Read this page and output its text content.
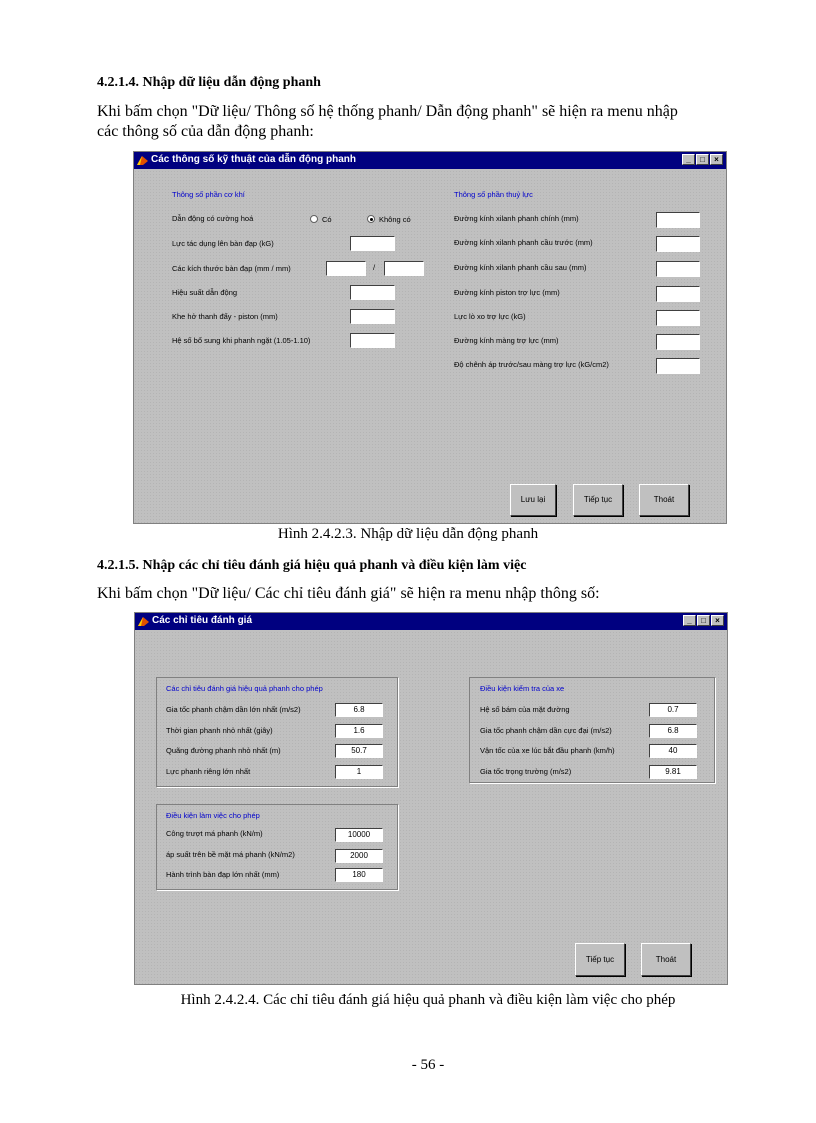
4.2.1.4. Nhập dữ liệu dẫn động phanh
Khi bấm chọn "Dữ liệu/ Thông số hệ thống phanh/ Dẫn động phanh" sẽ hiện ra menu nhập
các thông số của dẫn động phanh:
Các thông số kỹ thuật của dẫn động phanh	_	□	×
Thông số phần cơ khí
Dẫn động có cường hoá	Có	Không có
Lực tác dụng lên bàn đạp (kG)
Các kích thước bàn đạp (mm / mm)	/
Hiệu suất dẫn động
Khe hở thanh đẩy - piston (mm)
Hệ số bổ sung khi phanh ngặt (1.05-1.10)
Thông số phần thuỷ lực
Đường kính xilanh phanh chính (mm)
Đường kính xilanh phanh cầu trước (mm)
Đường kính xilanh phanh cầu sau (mm)
Đường kính piston trợ lực (mm)
Lực lò xo trợ lực (kG)
Đường kính màng trợ lực (mm)
Độ chênh áp trước/sau màng trợ lực (kG/cm2)
Lưu lại	Tiếp tục	Thoát
Hình 2.4.2.3. Nhập dữ liệu dẫn động phanh
4.2.1.5. Nhập các chỉ tiêu đánh giá hiệu quả phanh và điều kiện làm việc
Khi bấm chọn "Dữ liệu/ Các chỉ tiêu đánh giá" sẽ hiện ra menu nhập thông số:
Các chỉ tiêu đánh giá	_	□	×
Các chỉ tiêu đánh giá hiệu quả phanh cho phép
Gia tốc phanh chậm dần lớn nhất (m/s2)	6.8
Thời gian phanh nhỏ nhất (giây)	1.6
Quãng đường phanh nhỏ nhất (m)	50.7
Lực phanh riêng lớn nhất	1
Điều kiện kiểm tra của xe
Hệ số bám của mặt đường	0.7
Gia tốc phanh chậm dần cực đại (m/s2)	6.8
Vận tốc của xe lúc bắt đầu phanh (km/h)	40
Gia tốc trọng trường (m/s2)	9.81
Điều kiện làm việc cho phép
Công trượt má phanh (kN/m)	10000
áp suất trên bề mặt má phanh (kN/m2)	2000
Hành trình bàn đạp lớn nhất (mm)	180
Tiếp tục	Thoát
Hình 2.4.2.4. Các chỉ tiêu đánh giá hiệu quả phanh và điều kiện làm việc cho phép
- 56 -
